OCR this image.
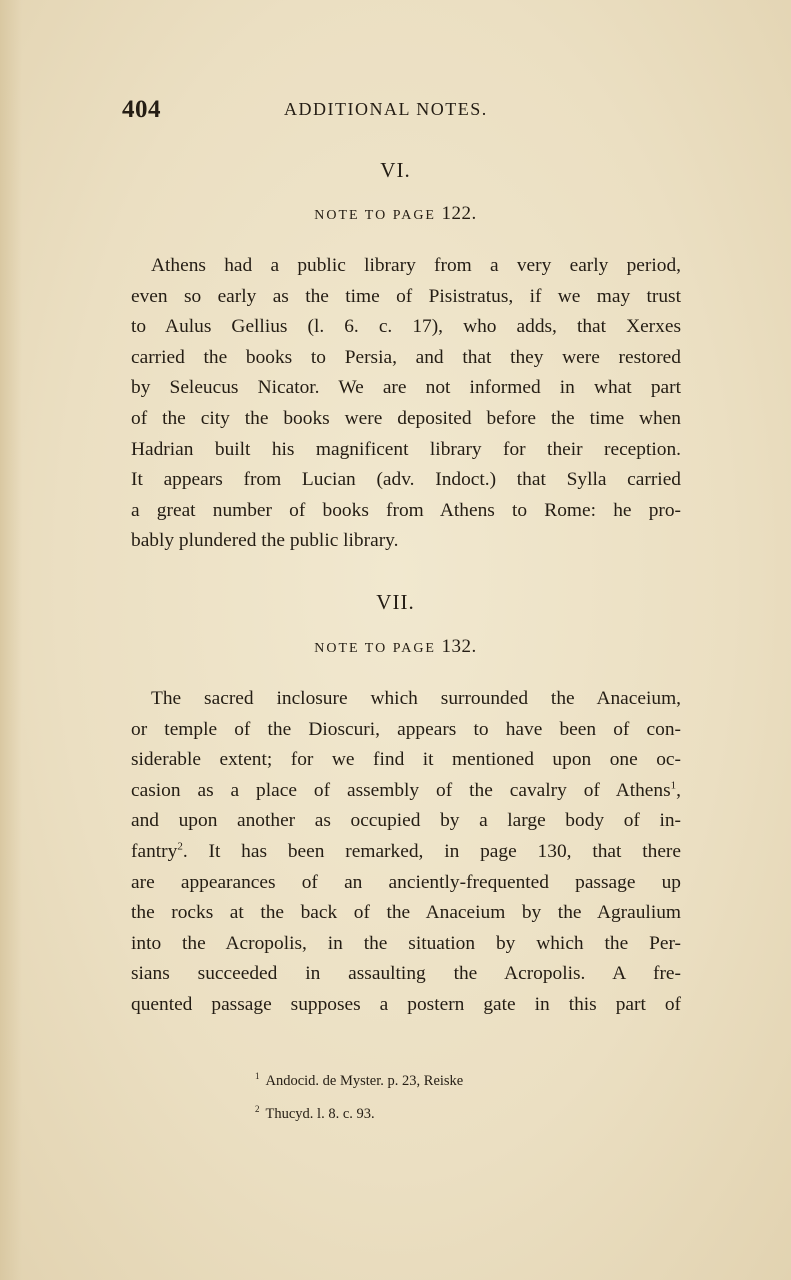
404	ADDITIONAL NOTES.
VI.
NOTE TO PAGE 122.
Athens had a public library from a very early period,
even so early as the time of Pisistratus, if we may trust
to Aulus Gellius (l. 6. c. 17), who adds, that Xerxes
carried the books to Persia, and that they were restored
by Seleucus Nicator. We are not informed in what part
of the city the books were deposited before the time when
Hadrian built his magnificent library for their reception.
It appears from Lucian (adv. Indoct.) that Sylla carried
a great number of books from Athens to Rome: he pro-
bably plundered the public library.
VII.
NOTE TO PAGE 132.
The sacred inclosure which surrounded the Anaceium,
or temple of the Dioscuri, appears to have been of con-
siderable extent; for we find it mentioned upon one oc-
casion as a place of assembly of the cavalry of Athens$^1$,
and upon another as occupied by a large body of in-
fantry$^2$. It has been remarked, in page 130, that there
are appearances of an anciently-frequented passage up
the rocks at the back of the Anaceium by the Agraulium
into the Acropolis, in the situation by which the Per-
sians succeeded in assaulting the Acropolis. A fre-
quented passage supposes a postern gate in this part of
$^1$ Andocid. de Myster. p. 23, Reiske
$^2$ Thucyd. l. 8. c. 93.
